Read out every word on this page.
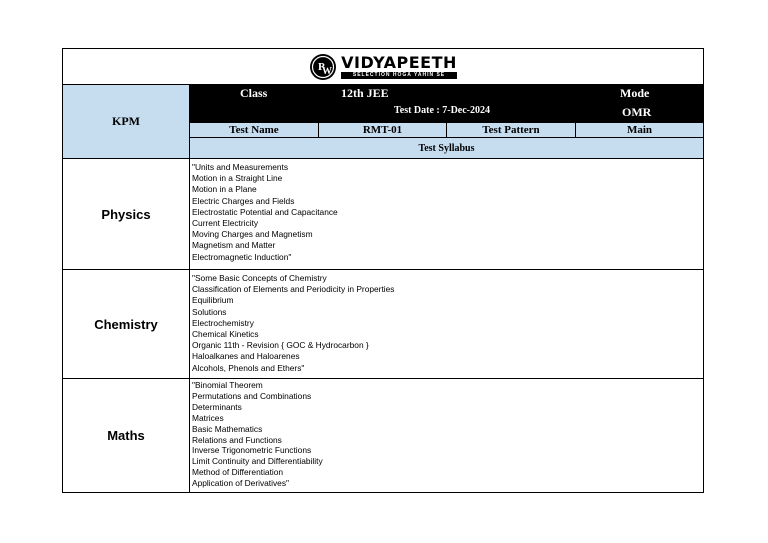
P
W VIDYAPEETH
SELECTION HOGA YAHIN SE
KPM
Class	12th JEE	Mode
Test Date : 7-Dec-2024	OMR
Test Name	RMT-01	Test Pattern	Main
Test Syllabus
Physics
"Units and Measurements
Motion in a Straight Line
Motion in a Plane
Electric Charges and Fields
Electrostatic Potential and Capacitance
Current Electricity
Moving Charges and Magnetism
Magnetism and Matter
Electromagnetic Induction"
Chemistry
"Some Basic Concepts of Chemistry
Classification of Elements and Periodicity in Properties
Equilibrium
Solutions
Electrochemistry
Chemical Kinetics
Organic 11th - Revision { GOC & Hydrocarbon }
Haloalkanes and Haloarenes
Alcohols, Phenols and Ethers"
Maths
"Binomial Theorem
Permutations and Combinations
Determinants
Matrices
Basic Mathematics
Relations and Functions
Inverse Trigonometric Functions
Limit Continuity and Differentiability
Method of Differentiation
Application of Derivatives"
